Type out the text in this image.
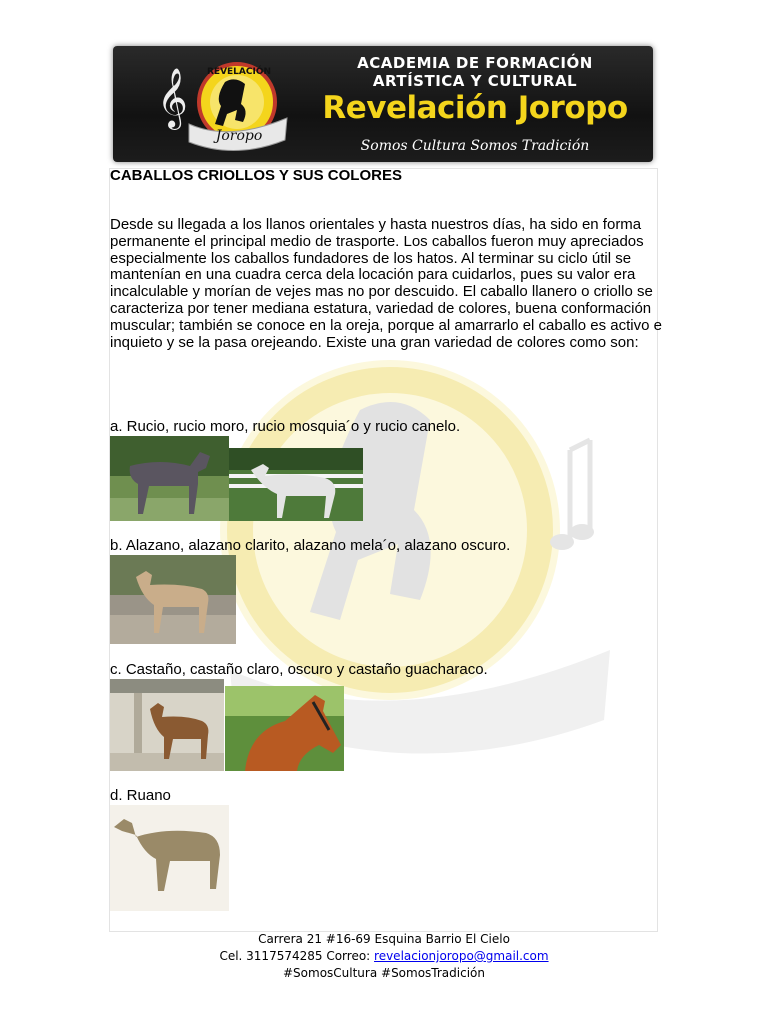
REVELACIÓN
Joropo
𝄞
ACADEMIA DE FORMACIÓN
ARTÍSTICA Y CULTURAL
Revelación Joropo
Somos Cultura Somos Tradición
CABALLOS CRIOLLOS Y SUS COLORES
Desde su llegada a los llanos orientales y hasta nuestros días, ha sido en forma permanente el principal medio de trasporte. Los caballos fueron muy apreciados especialmente los caballos fundadores de los hatos. Al terminar su ciclo útil se mantenían en una cuadra cerca dela locación para cuidarlos, pues su valor era incalculable y morían de vejes mas no por descuido. El caballo llanero o criollo se caracteriza por tener mediana estatura, variedad de colores, buena conformación muscular; también se conoce en la oreja, porque al amarrarlo el caballo es activo e inquieto y se la pasa orejeando. Existe una gran variedad de colores como son:
a. Rucio, rucio moro, rucio mosquia´o y rucio canelo.
b. Alazano, alazano clarito, alazano mela´o, alazano oscuro.
c. Castaño, castaño claro, oscuro y castaño guacharaco.
d. Ruano
Carrera 21 #16-69 Esquina Barrio El Cielo
Cel. 3117574285 Correo: revelacionjoropo@gmail.com
#SomosCultura #SomosTradición
